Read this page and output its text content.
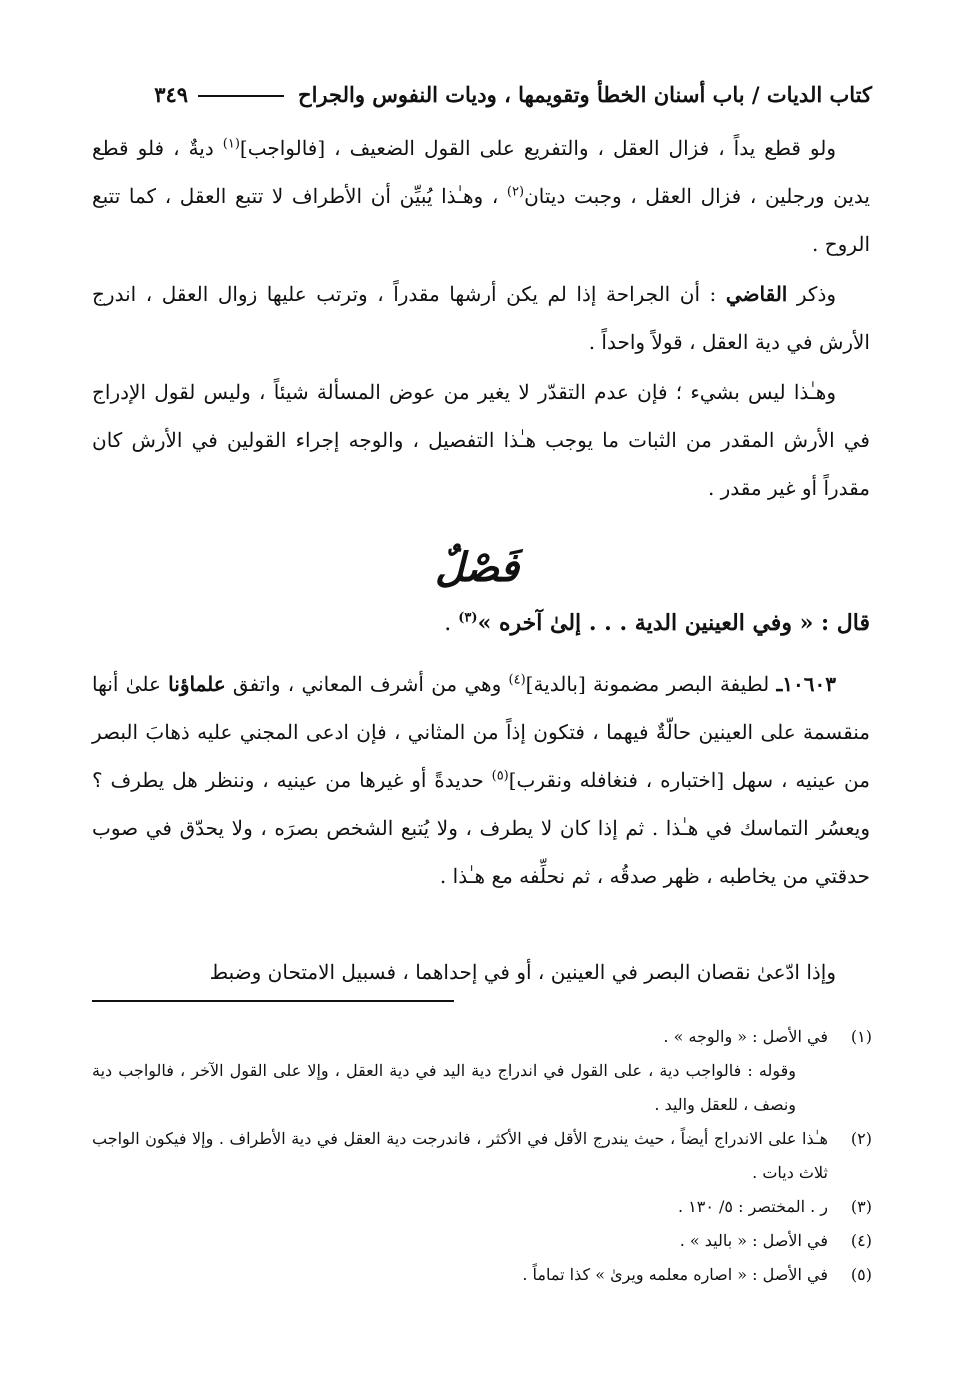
كتاب الديات / باب أسنان الخطأ وتقويمها ، وديات النفوس والجراح
٣٤٩

ولو قطع يداً ، فزال العقل ، والتفريع على القول الضعيف ، [فالواجب]$^{(١)}$ ديةٌ ، فلو قطع يدين ورجلين ، فزال العقل ، وجبت ديتان$^{(٢)}$ ، وهـٰذا يُبيِّن أن الأطراف لا تتبع العقل ، كما تتبع الروح .

وذكر القاضي : أن الجراحة إذا لم يكن أرشها مقدراً ، وترتب عليها زوال العقل ، اندرج الأرش في دية العقل ، قولاً واحداً .

وهـٰذا ليس بشيء ؛ فإن عدم التقدّر لا يغير من عوض المسألة شيئاً ، وليس لقول الإدراج في الأرش المقدر من الثبات ما يوجب هـٰذا التفصيل ، والوجه إجراء القولين في الأرش كان مقدراً أو غير مقدر .

فَصْلٌ
قال : « وفي العينين الدية . . . إلىٰ آخره »$^{(٣)}$ .

١٠٦٠٣ـ لطيفة البصر مضمونة [بالدية]$^{(٤)}$ وهي من أشرف المعاني ، واتفق علماؤنا علىٰ أنها منقسمة على العينين حالّةٌ فيهما ، فتكون إذاً من المثاني ، فإن ادعى المجني عليه ذهابَ البصر من عينيه ، سهل [اختباره ، فنغافله ونقرب]$^{(٥)}$ حديدةً أو غيرها من عينيه ، وننظر هل يطرف ؟ ويعسُر التماسك في هـٰذا . ثم إذا كان لا يطرف ، ولا يُتبع الشخص بصرَه ، ولا يحدّق في صوب حدقتي من يخاطبه ، ظهر صدقُه ، ثم نحلِّفه مع هـٰذا .

وإذا ادّعىٰ نقصان البصر في العينين ، أو في إحداهما ، فسبيل الامتحان وضبط

(١)
في الأصل : « والوجه » .
وقوله : فالواجب دية ، على القول في اندراج دية اليد في دية العقل ، وإلا على القول الآخر ، فالواجب دية ونصف ، للعقل واليد .
(٢)
هـٰذا على الاندراج أيضاً ، حيث يندرج الأقل في الأكثر ، فاندرجت دية العقل في دية الأطراف . وإلا فيكون الواجب ثلاث ديات .
(٣)
ر . المختصر : ٥/ ١٣٠ .
(٤)
في الأصل : « باليد » .
(٥)
في الأصل : « اصاره معلمه ويرىٰ » كذا تماماً .
